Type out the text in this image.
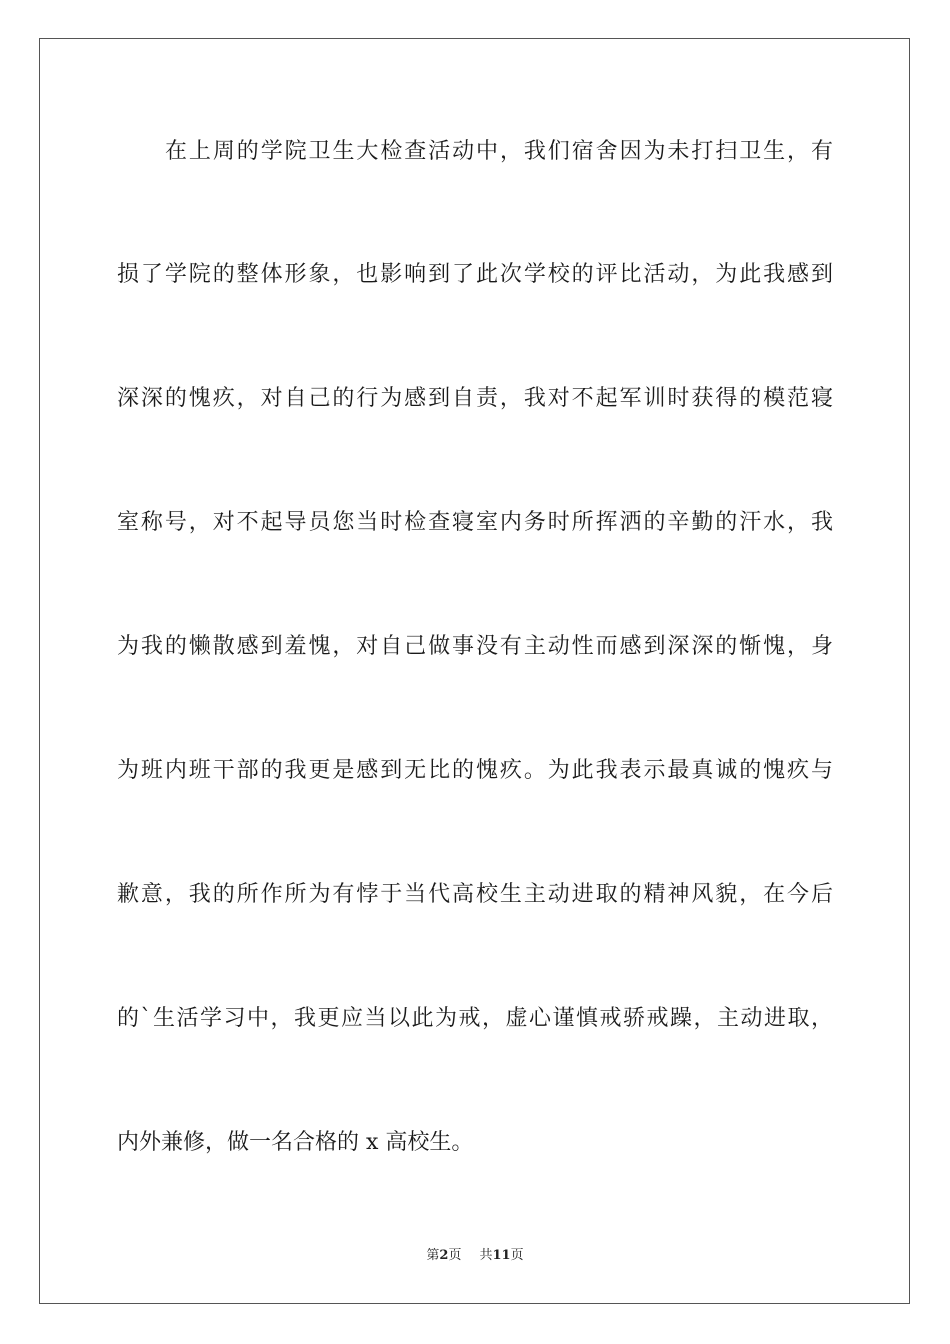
在上周的学院卫生大检查活动中，我们宿舍因为未打扫卫生，有
损了学院的整体形象，也影响到了此次学校的评比活动，为此我感到
深深的愧疚，对自己的行为感到自责，我对不起军训时获得的模范寝
室称号，对不起导员您当时检查寝室内务时所挥洒的辛勤的汗水，我
为我的懒散感到羞愧，对自己做事没有主动性而感到深深的惭愧，身
为班内班干部的我更是感到无比的愧疚。为此我表示最真诚的愧疚与
歉意，我的所作所为有悖于当代高校生主动进取的精神风貌，在今后
的`生活学习中，我更应当以此为戒，虚心谨慎戒骄戒躁，主动进取，
内外兼修，做一名合格的 x 高校生。
第2页 共11页
